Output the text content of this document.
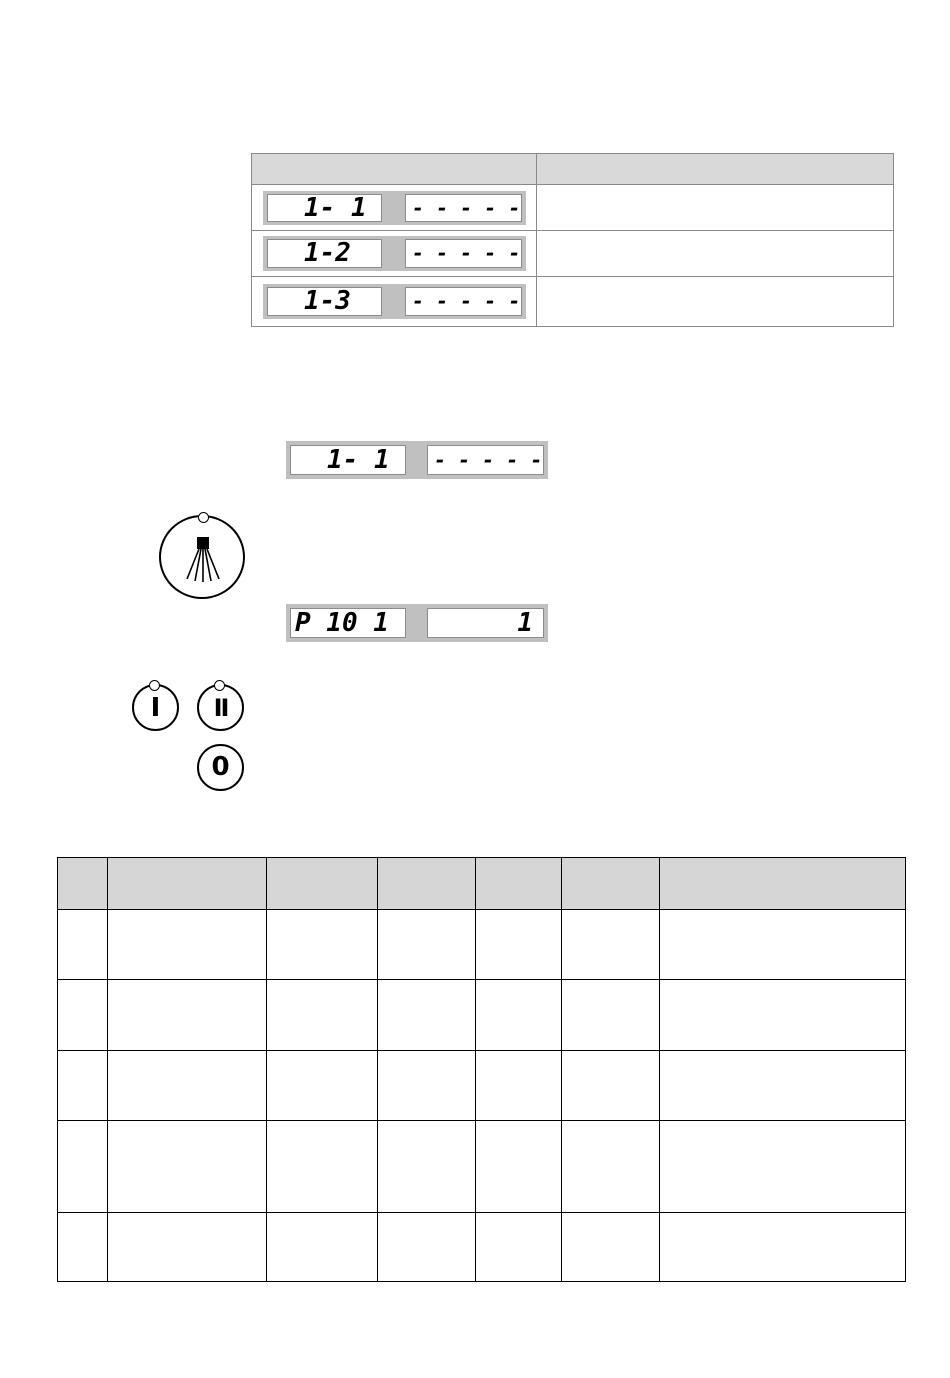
1- 1	- - - - -
1-2	- - - - -
1-3	- - - - -
1- 1	- - - - -
P 10 1	1
I	II
0
